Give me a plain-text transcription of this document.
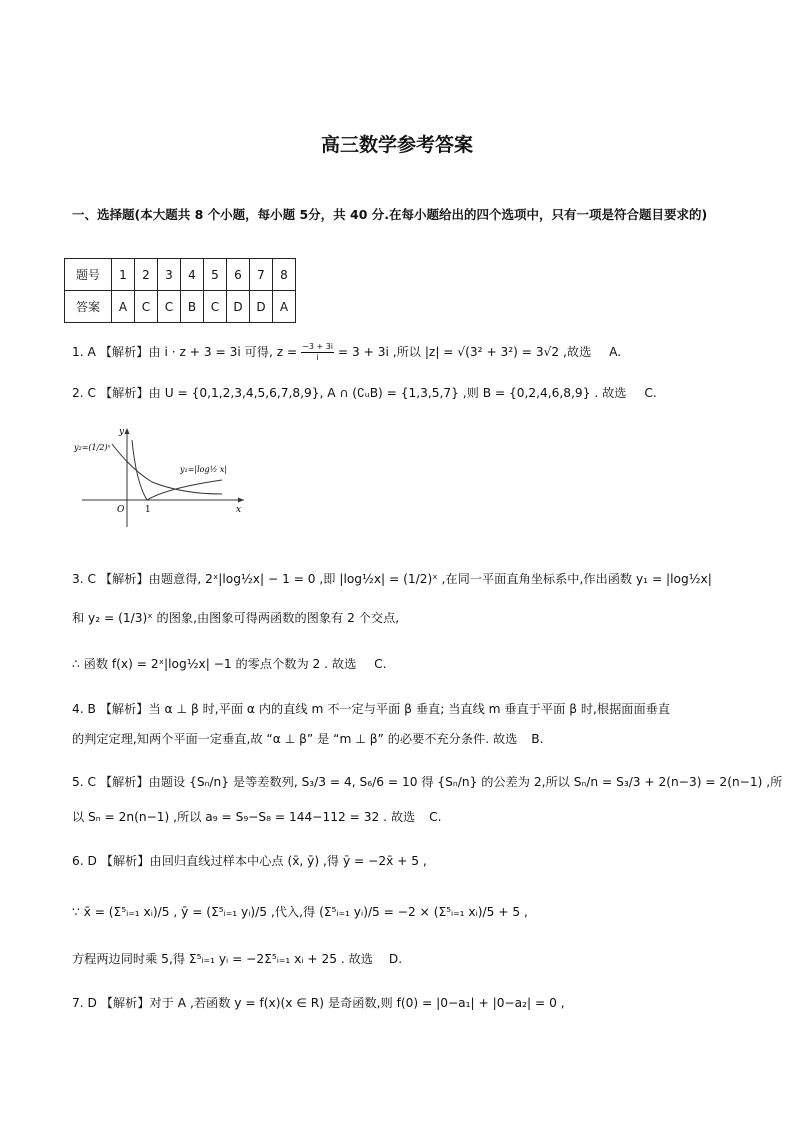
高三数学参考答案
一、选择题(本大题共 8 个小题，每小题 5分，共 40 分.在每小题给出的四个选项中，只有一项是符合题目要求的)
题号	1	2	3	4	5	6	7	8
答案	A	C	C	B	C	D	D	A
1. A 【解析】由 i · z + 3 = 3i 可得, $z = \frac{-3 + 3i}{i} = 3 + 3i$ ,所以 |z| = √(3² + 3²) = 3√2 ,故选 A.
2. C 【解析】由 U = {0,1,2,3,4,5,6,7,8,9}, A ∩ (∁ᵤB) = {1,3,5,7} ,则 B = {0,2,4,6,8,9} . 故选 C.
y₂=(1/2)ˣ
y₁=|log½ x|
y
x
O 1
3. C 【解析】由题意得, 2ˣ|log½x| − 1 = 0 ,即 |log½x| = (1/2)ˣ ,在同一平面直角坐标系中,作出函数 y₁ = |log½x|
和 y₂ = (1/3)ˣ 的图象,由图象可得两函数的图象有 2 个交点,
∴ 函数 f(x) = 2ˣ|log½x| −1 的零点个数为 2 . 故选 C.
4. B 【解析】当 α ⊥ β 时,平面 α 内的直线 m 不一定与平面 β 垂直; 当直线 m 垂直于平面 β 时,根据面面垂直
的判定定理,知两个平面一定垂直,故 “α ⊥ β” 是 “m ⊥ β” 的必要不充分条件. 故选 B.
5. C 【解析】由题设 {Sₙ/n} 是等差数列, S₃/3 = 4, S₆/6 = 10 得 {Sₙ/n} 的公差为 2,所以 Sₙ/n = S₃/3 + 2(n−3) = 2(n−1) ,所
以 Sₙ = 2n(n−1) ,所以 a₉ = S₉−S₈ = 144−112 = 32 . 故选 C.
6. D 【解析】由回归直线过样本中心点 (x̄, ȳ) ,得 ȳ = −2x̄ + 5 ,
∵ x̄ = (Σ⁵ᵢ₌₁ xᵢ)/5 , ȳ = (Σ⁵ᵢ₌₁ yᵢ)/5 ,代入,得 (Σ⁵ᵢ₌₁ yᵢ)/5 = −2 × (Σ⁵ᵢ₌₁ xᵢ)/5 + 5 ,
方程两边同时乘 5,得 Σ⁵ᵢ₌₁ yᵢ = −2Σ⁵ᵢ₌₁ xᵢ + 25 . 故选 D.
7. D 【解析】对于 A ,若函数 y = f(x)(x ∈ R) 是奇函数,则 f(0) = |0−a₁| + |0−a₂| = 0 ,
